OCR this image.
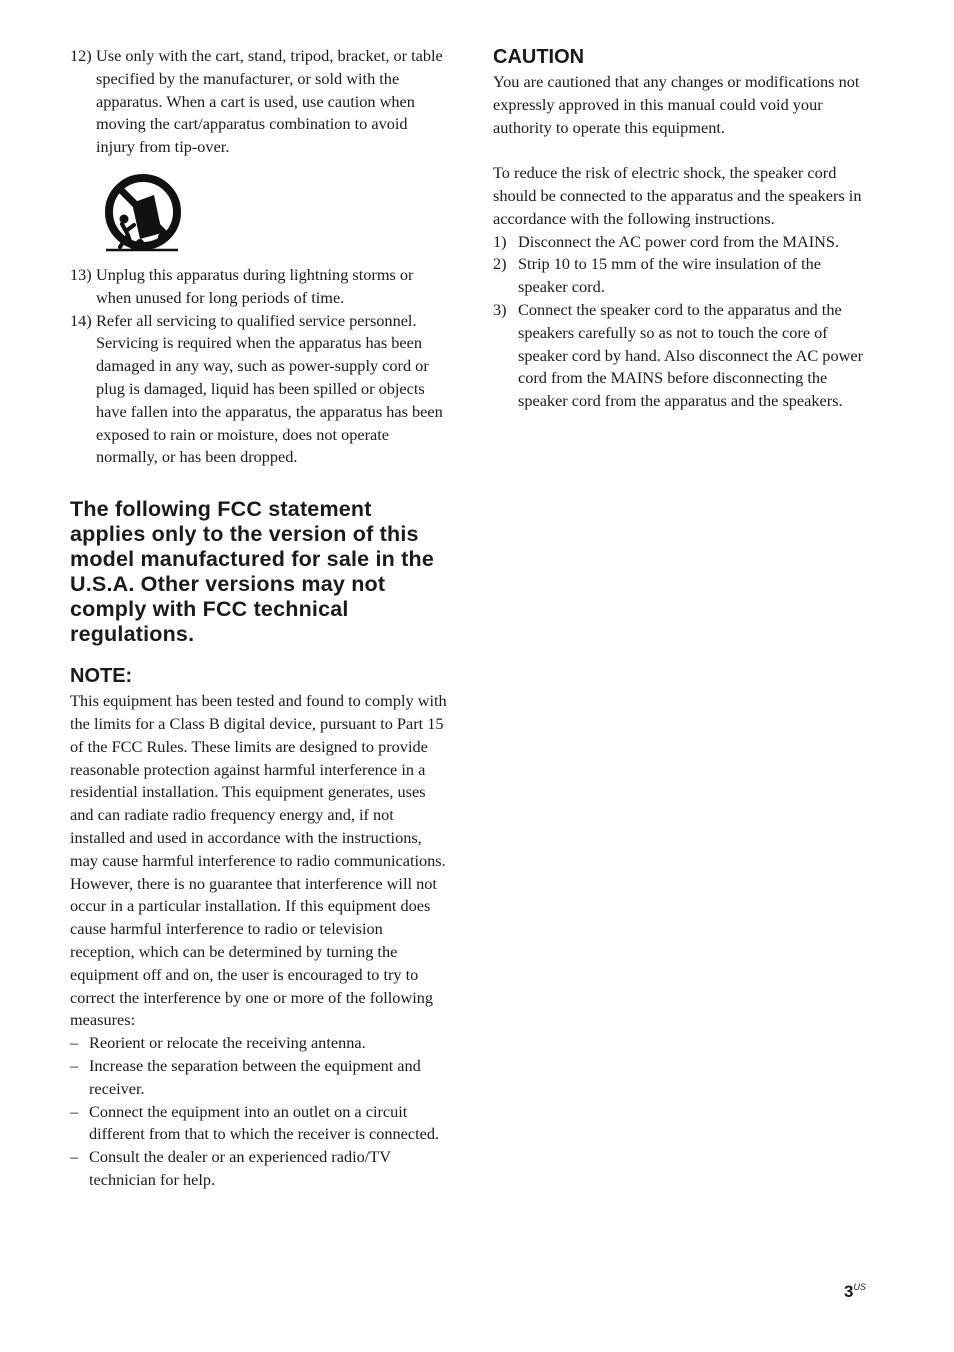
12) Use only with the cart, stand, tripod, bracket, or table specified by the manufacturer, or sold with the apparatus. When a cart is used, use caution when moving the cart/apparatus combination to avoid injury from tip-over.
13) Unplug this apparatus during lightning storms or when unused for long periods of time.
14) Refer all servicing to qualified service personnel. Servicing is required when the apparatus has been damaged in any way, such as power-supply cord or plug is damaged, liquid has been spilled or objects have fallen into the apparatus, the apparatus has been exposed to rain or moisture, does not operate normally, or has been dropped.
The following FCC statement applies only to the version of this model manufactured for sale in the U.S.A. Other versions may not comply with FCC technical regulations.
NOTE:

This equipment has been tested and found to comply with the limits for a Class B digital device, pursuant to Part 15 of the FCC Rules. These limits are designed to provide reasonable protection against harmful interference in a residential installation. This equipment generates, uses and can radiate radio frequency energy and, if not installed and used in accordance with the instructions, may cause harmful interference to radio communications. However, there is no guarantee that interference will not occur in a particular installation. If this equipment does cause harmful interference to radio or television reception, which can be determined by turning the equipment off and on, the user is encouraged to try to correct the interference by one or more of the following measures:

– Reorient or relocate the receiving antenna.
– Increase the separation between the equipment and receiver.
– Connect the equipment into an outlet on a circuit different from that to which the receiver is connected.
– Consult the dealer or an experienced radio/TV technician for help.
CAUTION

You are cautioned that any changes or modifications not expressly approved in this manual could void your authority to operate this equipment.

To reduce the risk of electric shock, the speaker cord should be connected to the apparatus and the speakers in accordance with the following instructions.

1) Disconnect the AC power cord from the MAINS.
2) Strip 10 to 15 mm of the wire insulation of the speaker cord.
3) Connect the speaker cord to the apparatus and the speakers carefully so as not to touch the core of speaker cord by hand. Also disconnect the AC power cord from the MAINS before disconnecting the speaker cord from the apparatus and the speakers.
$3^{US}$
